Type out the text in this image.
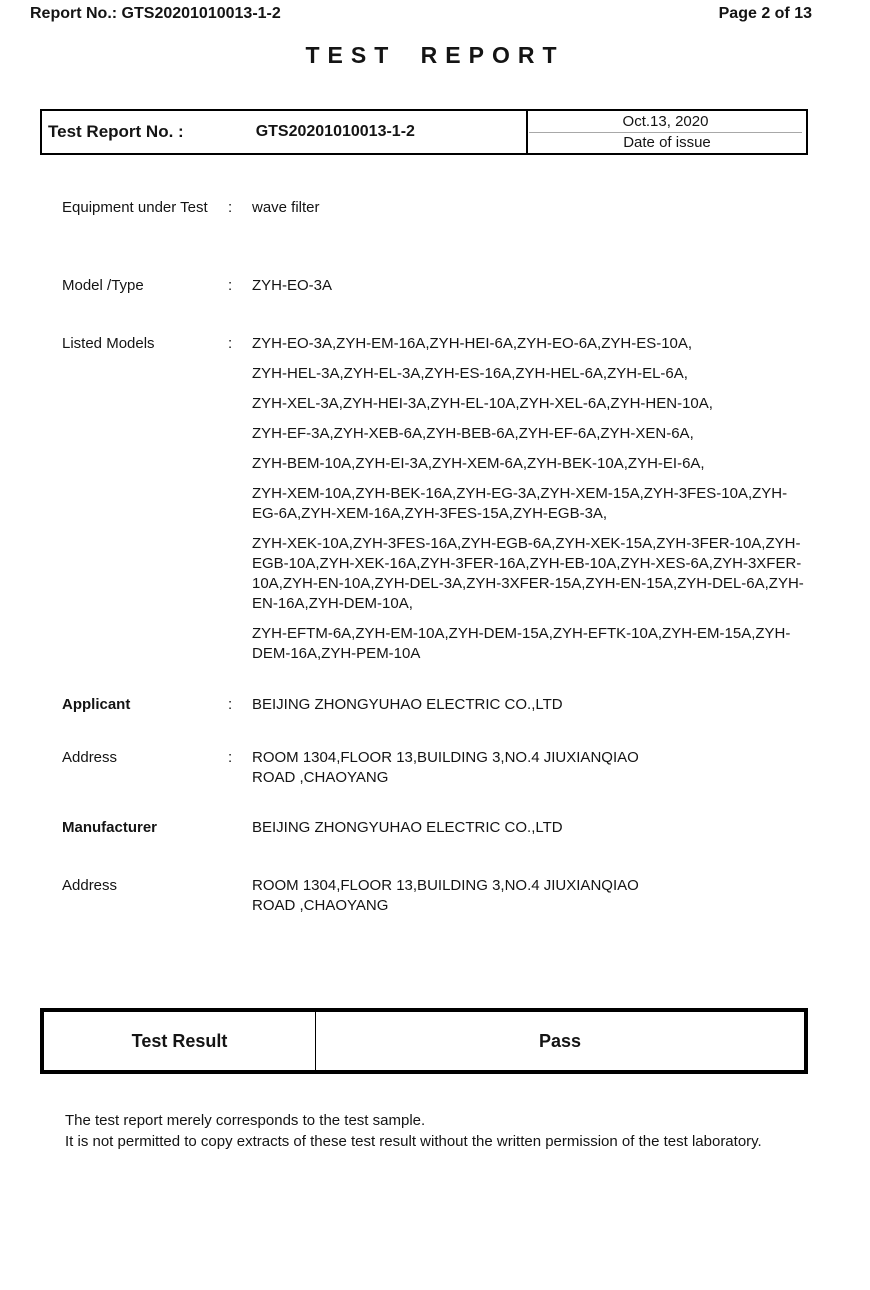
Report No.: GTS20201010013-1-2	Page 2 of 13
TEST REPORT
Test Report No. :	GTS20201010013-1-2
Oct.13, 2020
Date of issue
Equipment under Test	:	wave filter
Model /Type	:	ZYH-EO-3A
Listed Models	:	ZYH-EO-3A,ZYH-EM-16A,ZYH-HEI-6A,ZYH-EO-6A,ZYH-ES-10A,

ZYH-HEL-3A,ZYH-EL-3A,ZYH-ES-16A,ZYH-HEL-6A,ZYH-EL-6A,

ZYH-XEL-3A,ZYH-HEI-3A,ZYH-EL-10A,ZYH-XEL-6A,ZYH-HEN-10A,

ZYH-EF-3A,ZYH-XEB-6A,ZYH-BEB-6A,ZYH-EF-6A,ZYH-XEN-6A,

ZYH-BEM-10A,ZYH-EI-3A,ZYH-XEM-6A,ZYH-BEK-10A,ZYH-EI-6A,

ZYH-XEM-10A,ZYH-BEK-16A,ZYH-EG-3A,ZYH-XEM-15A,ZYH-3FES-10A,ZYH-EG-6A,ZYH-XEM-16A,ZYH-3FES-15A,ZYH-EGB-3A,

ZYH-XEK-10A,ZYH-3FES-16A,ZYH-EGB-6A,ZYH-XEK-15A,ZYH-3FER-10A,ZYH-EGB-10A,ZYH-XEK-16A,ZYH-3FER-16A,ZYH-EB-10A,ZYH-XES-6A,ZYH-3XFER-10A,ZYH-EN-10A,ZYH-DEL-3A,ZYH-3XFER-15A,ZYH-EN-15A,ZYH-DEL-6A,ZYH-EN-16A,ZYH-DEM-10A,

ZYH-EFTM-6A,ZYH-EM-10A,ZYH-DEM-15A,ZYH-EFTK-10A,ZYH-EM-15A,ZYH-DEM-16A,ZYH-PEM-10A

Applicant	:	BEIJING ZHONGYUHAO ELECTRIC CO.,LTD
Address	:	ROOM 1304,FLOOR 13,BUILDING 3,NO.4 JIUXIANQIAO
ROAD ,CHAOYANG
Manufacturer	BEIJING ZHONGYUHAO ELECTRIC CO.,LTD
Address	ROOM 1304,FLOOR 13,BUILDING 3,NO.4 JIUXIANQIAO
ROAD ,CHAOYANG
Test Result	Pass

The test report merely corresponds to the test sample.

It is not permitted to copy extracts of these test result without the written permission of the test laboratory.
